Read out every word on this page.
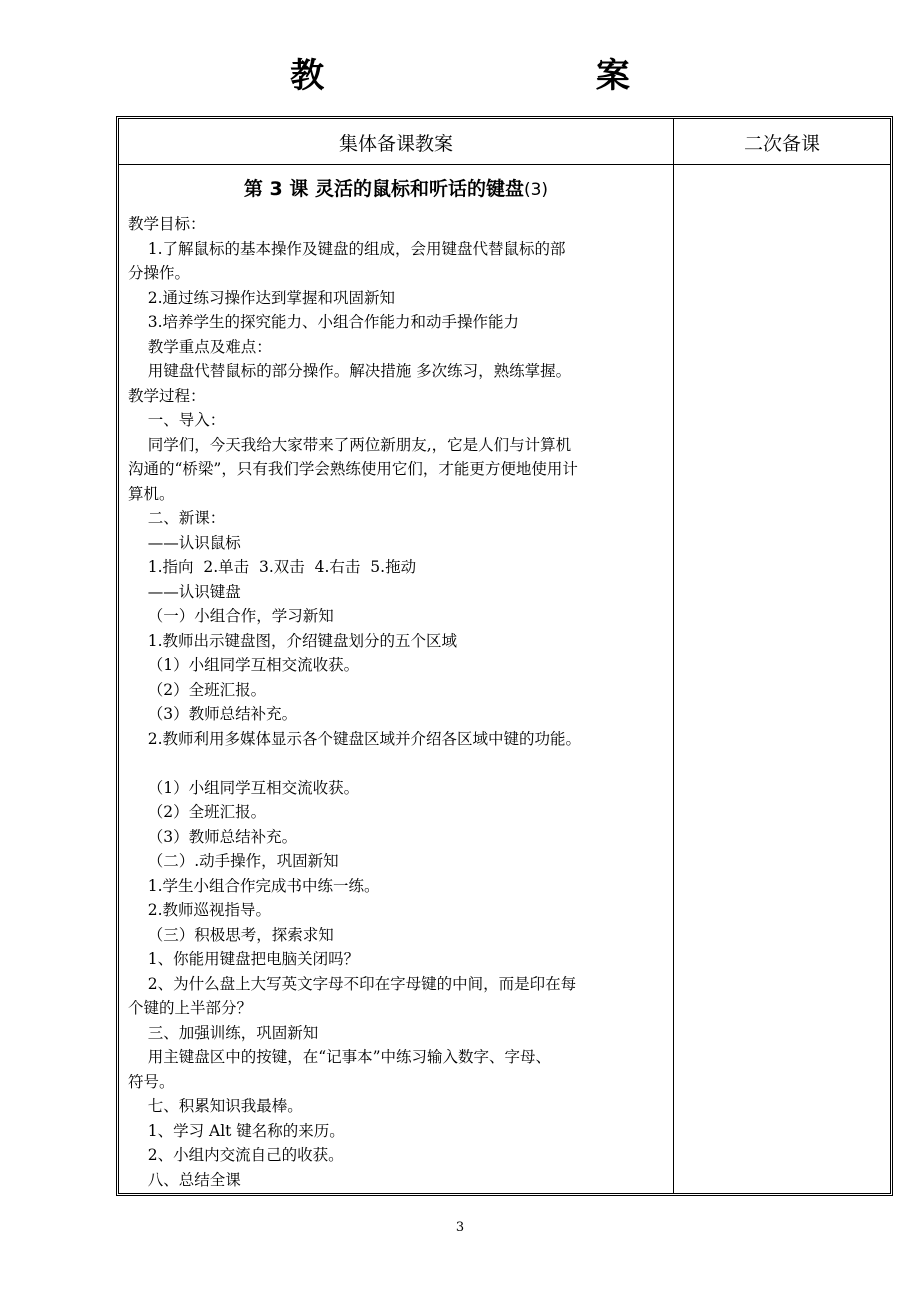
教 案
集体备课教案	二次备课
第 3 课 灵活的鼠标和听话的键盘(3)
教学目标：
1.了解鼠标的基本操作及键盘的组成，会用键盘代替鼠标的部
分操作。
2.通过练习操作达到掌握和巩固新知
3.培养学生的探究能力、小组合作能力和动手操作能力
教学重点及难点：
用键盘代替鼠标的部分操作。解决措施 多次练习，熟练掌握。
教学过程：
一、导入：
同学们，今天我给大家带来了两位新朋友,，它是人们与计算机
沟通的“桥梁”，只有我们学会熟练使用它们，才能更方便地使用计
算机。
二、新课：
——认识鼠标
1.指向  2.单击  3.双击  4.右击  5.拖动
——认识键盘
（一）小组合作，学习新知
1.教师出示键盘图，介绍键盘划分的五个区域
（1）小组同学互相交流收获。
（2）全班汇报。
（3）教师总结补充。
2.教师利用多媒体显示各个键盘区域并介绍各区域中键的功能。
（1）小组同学互相交流收获。
（2）全班汇报。
（3）教师总结补充。
（二）.动手操作，巩固新知
1.学生小组合作完成书中练一练。
2.教师巡视指导。
（三）积极思考，探索求知
1、你能用键盘把电脑关闭吗？
2、为什么盘上大写英文字母不印在字母键的中间，而是印在每
个键的上半部分？
三、加强训练，巩固新知
用主键盘区中的按键，在“记事本”中练习输入数字、字母、
符号。
七、积累知识我最棒。
1、学习 Alt 键名称的来历。
2、小组内交流自己的收获。
八、总结全课
3
